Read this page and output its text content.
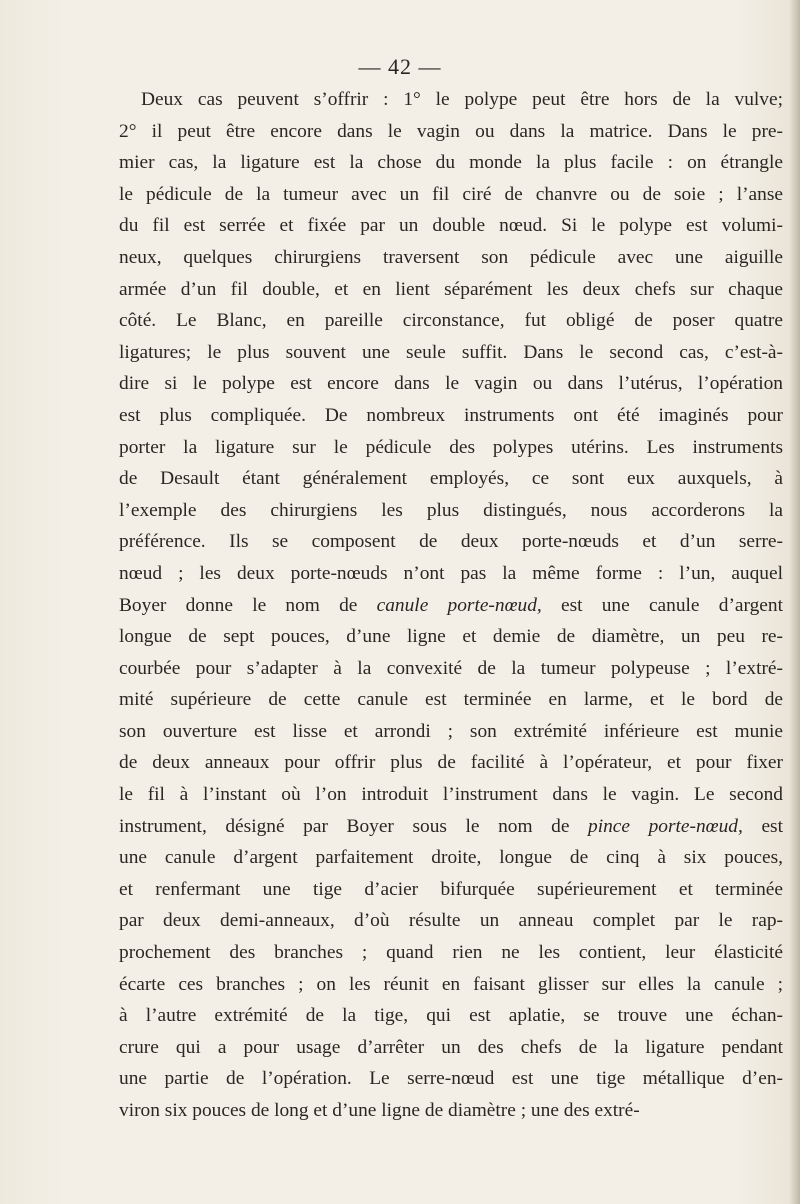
— 42 —
Deux cas peuvent s’offrir : 1° le polype peut être hors de la vulve;
2° il peut être encore dans le vagin ou dans la matrice. Dans le pre-
mier cas, la ligature est la chose du monde la plus facile : on étrangle
le pédicule de la tumeur avec un fil ciré de chanvre ou de soie ; l’anse
du fil est serrée et fixée par un double nœud. Si le polype est volumi-
neux, quelques chirurgiens traversent son pédicule avec une aiguille
armée d’un fil double, et en lient séparément les deux chefs sur chaque
côté. Le Blanc, en pareille circonstance, fut obligé de poser quatre
ligatures; le plus souvent une seule suffit. Dans le second cas, c’est-à-
dire si le polype est encore dans le vagin ou dans l’utérus, l’opération
est plus compliquée. De nombreux instruments ont été imaginés pour
porter la ligature sur le pédicule des polypes utérins. Les instruments
de Desault étant généralement employés, ce sont eux auxquels, à
l’exemple des chirurgiens les plus distingués, nous accorderons la
préférence. Ils se composent de deux porte-nœuds et d’un serre-
nœud ; les deux porte-nœuds n’ont pas la même forme : l’un, auquel
Boyer donne le nom de canule porte-nœud, est une canule d’argent
longue de sept pouces, d’une ligne et demie de diamètre, un peu re-
courbée pour s’adapter à la convexité de la tumeur polypeuse ; l’extré-
mité supérieure de cette canule est terminée en larme, et le bord de
son ouverture est lisse et arrondi ; son extrémité inférieure est munie
de deux anneaux pour offrir plus de facilité à l’opérateur, et pour fixer
le fil à l’instant où l’on introduit l’instrument dans le vagin. Le second
instrument, désigné par Boyer sous le nom de pince porte-nœud, est
une canule d’argent parfaitement droite, longue de cinq à six pouces,
et renfermant une tige d’acier bifurquée supérieurement et terminée
par deux demi-anneaux, d’où résulte un anneau complet par le rap-
prochement des branches ; quand rien ne les contient, leur élasticité
écarte ces branches ; on les réunit en faisant glisser sur elles la canule ;
à l’autre extrémité de la tige, qui est aplatie, se trouve une échan-
crure qui a pour usage d’arrêter un des chefs de la ligature pendant
une partie de l’opération. Le serre-nœud est une tige métallique d’en-
viron six pouces de long et d’une ligne de diamètre ; une des extré-
